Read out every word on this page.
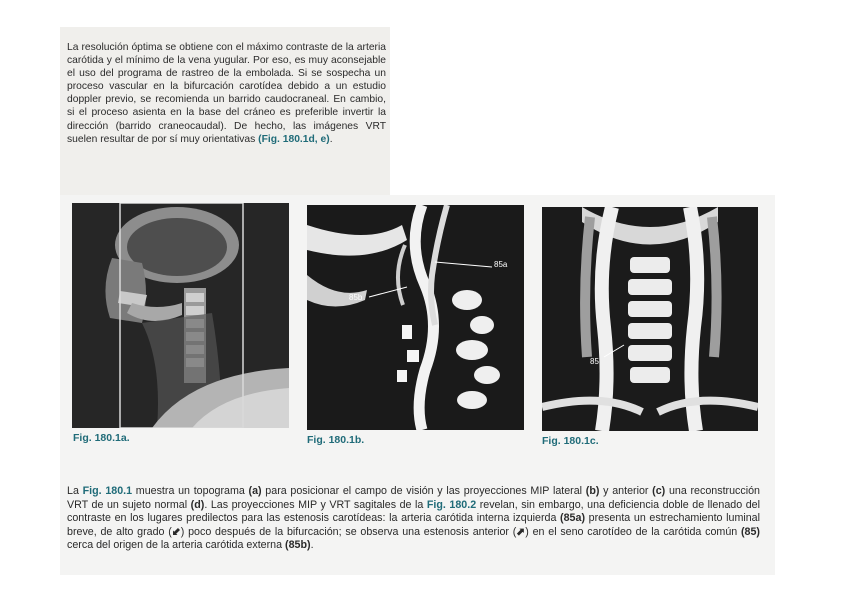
La resolución óptima se obtiene con el máximo contraste de la arteria carótida y el mínimo de la vena yugular. Por eso, es muy aconsejable el uso del programa de rastreo de la embolada. Si se sospecha un proceso vascular en la bifurcación carotídea debido a un estudio doppler previo, se recomienda un barrido caudocraneal. En cambio, si el proceso asienta en la base del cráneo es preferible invertir la dirección (barrido craneocaudal). De hecho, las imágenes VRT suelen resultar de por sí muy orientativas (Fig. 180.1d, e).

Fig. 180.1a.
85a
85b
Fig. 180.1b.
85
Fig. 180.1c.

La Fig. 180.1 muestra un topograma (a) para posicionar el campo de visión y las proyecciones MIP lateral (b) y anterior (c) una reconstrucción VRT de un sujeto normal (d). Las proyecciones MIP y VRT sagitales de la Fig. 180.2 revelan, sin embargo, una deficiencia doble de llenado del contraste en los lugares predilectos para las estenosis carotídeas: la arteria carótida interna izquierda (85a) presenta un estrechamiento luminal breve, de alto grado (⬋) poco después de la bifurcación; se observa una estenosis anterior (⬈) en el seno carotídeo de la carótida común (85) cerca del origen de la arteria carótida externa (85b).
